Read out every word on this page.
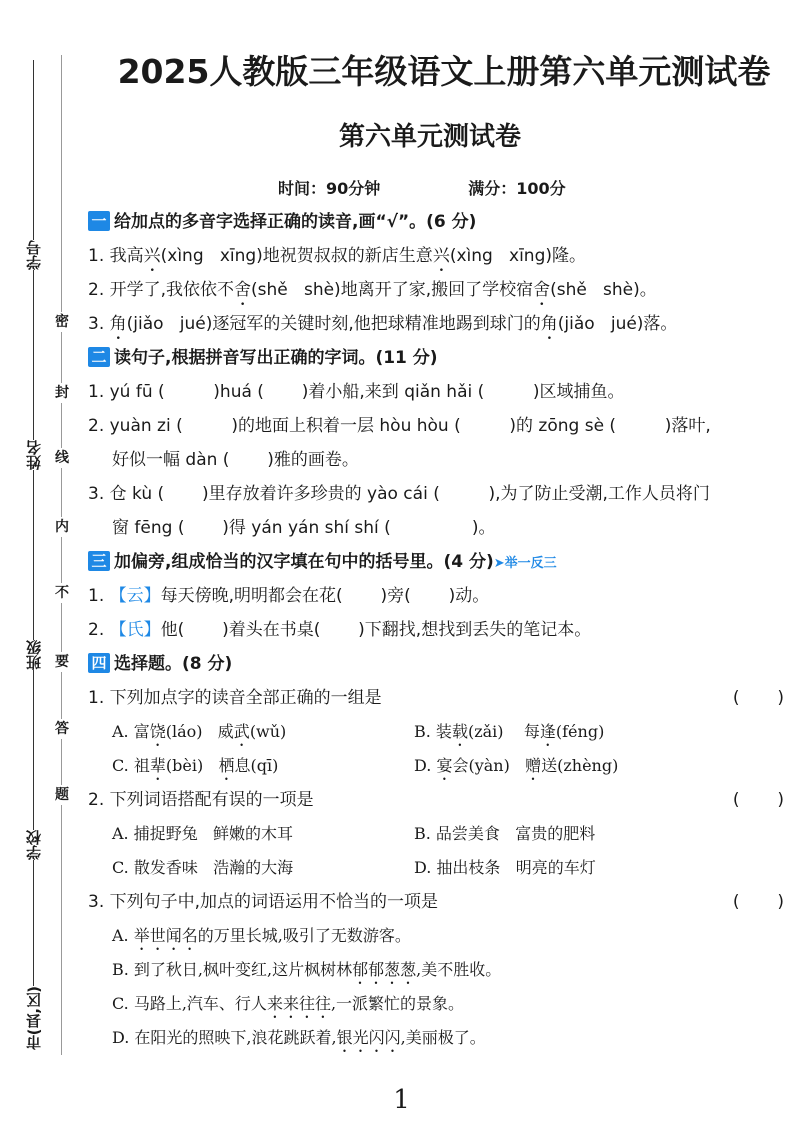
学号
姓名
班级
学校
市(县,区)
密
封
线
内
不
要
答
题
2025人教版三年级语文上册第六单元测试卷
第六单元测试卷
时间：90分钟	满分：100分
一 给加点的多音字选择正确的读音,画“√”。(6 分)
1. 我高兴(xìng   xīng)地祝贺叔叔的新店生意兴(xìng   xīng)隆。
2. 开学了,我依依不舍(shě   shè)地离开了家,搬回了学校宿舍(shě   shè)。
3. 角(jiǎo   jué)逐冠军的关键时刻,他把球精准地踢到球门的角(jiǎo   jué)落。
二 读句子,根据拼音写出正确的字词。(11 分)
1. yú fū (         )huá (       )着小船,来到 qiǎn hǎi (         )区域捕鱼。
2. yuàn zi (         )的地面上积着一层 hòu hòu (         )的 zōng sè (         )落叶,
好似一幅 dàn (       )雅的画卷。
3. 仓 kù (       )里存放着许多珍贵的 yào cái (         ),为了防止受潮,工作人员将门
窗 fēng (       )得 yán yán shí shí (               )。
三 加偏旁,组成恰当的汉字填在句中的括号里。(4 分)➤举一反三
1. 【云】每天傍晚,明明都会在花(       )旁(       )动。
2. 【氏】他(       )着头在书桌(       )下翻找,想找到丢失的笔记本。
四 选择题。(8 分)
1. 下列加点字的读音全部正确的一组是	(       )
A. 富饶(láo)   威武(wǔ)	B. 装载(zǎi)    每逢(féng)
C. 祖辈(bèi)   栖息(qī)	D. 宴会(yàn)   赠送(zhèng)
2. 下列词语搭配有误的一项是	(       )
A. 捕捉野兔   鲜嫩的木耳	B. 品尝美食   富贵的肥料
C. 散发香味   浩瀚的大海	D. 抽出枝条   明亮的车灯
3. 下列句子中,加点的词语运用不恰当的一项是	(       )
A. 举世闻名的万里长城,吸引了无数游客。
B. 到了秋日,枫叶变红,这片枫树林郁郁葱葱,美不胜收。
C. 马路上,汽车、行人来来往往,一派繁忙的景象。
D. 在阳光的照映下,浪花跳跃着,银光闪闪,美丽极了。
1
